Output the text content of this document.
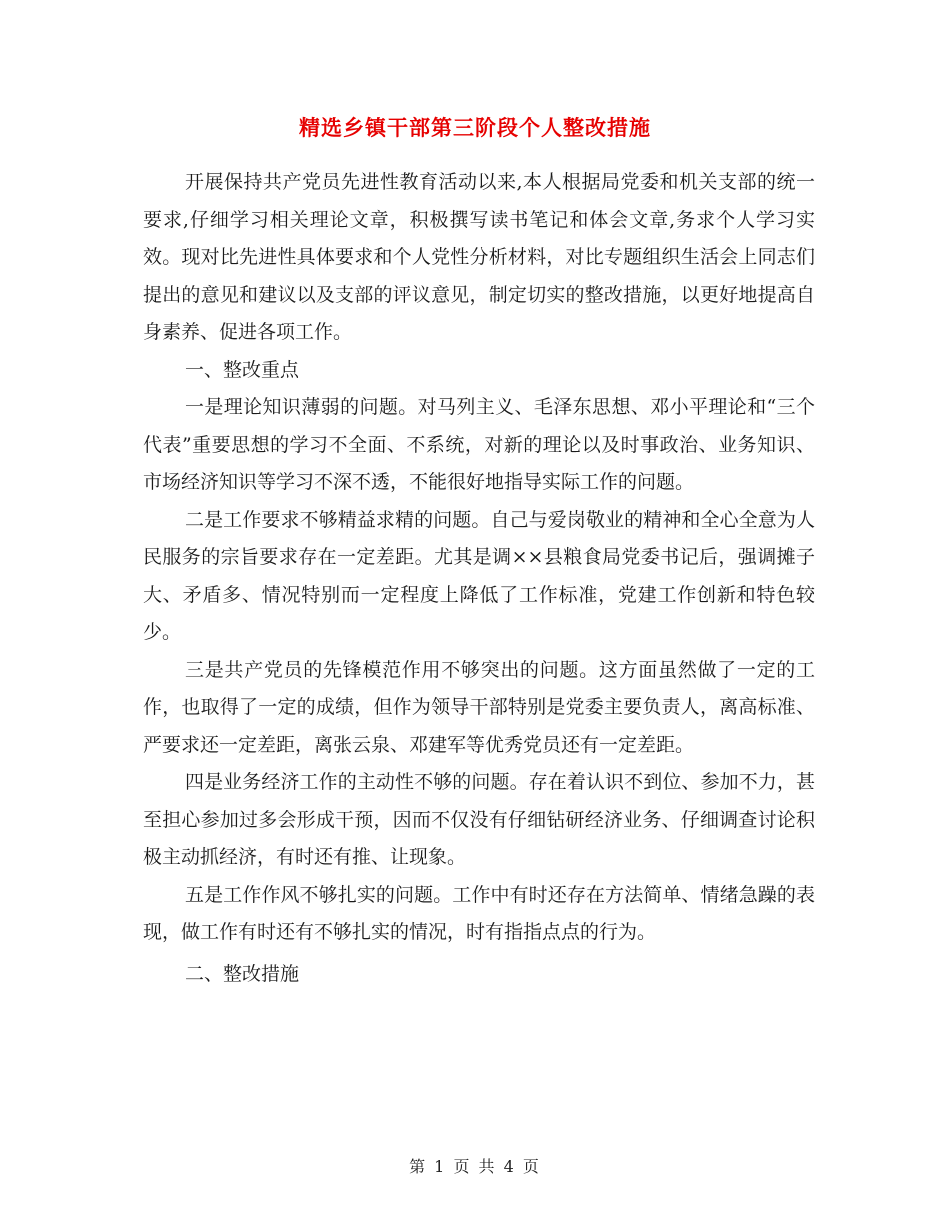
精选乡镇干部第三阶段个人整改措施

开展保持共产党员先进性教育活动以来,本人根据局党委和机关支部的统一要求,仔细学习相关理论文章，积极撰写读书笔记和体会文章,务求个人学习实效。现对比先进性具体要求和个人党性分析材料，对比专题组织生活会上同志们提出的意见和建议以及支部的评议意见，制定切实的整改措施，以更好地提高自身素养、促进各项工作。

一、整改重点

一是理论知识薄弱的问题。对马列主义、毛泽东思想、邓小平理论和“三个代表”重要思想的学习不全面、不系统，对新的理论以及时事政治、业务知识、市场经济知识等学习不深不透，不能很好地指导实际工作的问题。

二是工作要求不够精益求精的问题。自己与爱岗敬业的精神和全心全意为人民服务的宗旨要求存在一定差距。尤其是调××县粮食局党委书记后，强调摊子大、矛盾多、情况特别而一定程度上降低了工作标准，党建工作创新和特色较少。

三是共产党员的先锋模范作用不够突出的问题。这方面虽然做了一定的工作，也取得了一定的成绩，但作为领导干部特别是党委主要负责人，离高标准、严要求还一定差距，离张云泉、邓建军等优秀党员还有一定差距。

四是业务经济工作的主动性不够的问题。存在着认识不到位、参加不力，甚至担心参加过多会形成干预，因而不仅没有仔细钻研经济业务、仔细调查讨论积极主动抓经济，有时还有推、让现象。

五是工作作风不够扎实的问题。工作中有时还存在方法简单、情绪急躁的表现，做工作有时还有不够扎实的情况，时有指指点点的行为。

二、整改措施

第 1 页 共 4 页
